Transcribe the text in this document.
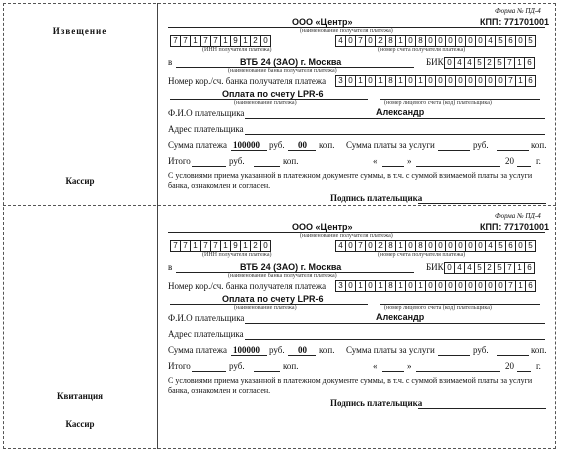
Извещение
Кассир
Квитанция
Кассир
Форма № ПД-4
ООО «Центр»	КПП: 771701001
(наименование получателя платежа)
7 7 1 7 7 1 9 1 2 0	4 0 7 0 2 8 1 0 8 0 0 0 0 0 0 4 5 6 0 5
(ИНН получателя платежа)	(номер счета получателя платежа)
в	ВТБ 24 (ЗАО) г. Москва
(наименование банка получателя платежа)
БИК 0 4 4 5 2 5 7 1 6
Номер кор./сч. банка получателя платежа	3 0 1 0 1 8 1 0 1 0 0 0 0 0 0 0 0 7 1 6
Оплата по счету LPR-6
(наименование платежа)	(номер лицевого счета (код) плательщика)
Ф.И.О плательщика	Александр
Адрес плательщика
Сумма платежа 100000 руб. 00 коп. Сумма платы за услуги	руб.	коп.
Итого	руб.	коп.	«	»	20 г.
С условиями приема указанной в платежном документе суммы, в т.ч. с суммой взимаемой платы за услуги банка, ознакомлен и согласен.
Подпись плательщика
Форма № ПД-4
ООО «Центр»	КПП: 771701001
(наименование получателя платежа)
7 7 1 7 7 1 9 1 2 0	4 0 7 0 2 8 1 0 8 0 0 0 0 0 0 4 5 6 0 5
(ИНН получателя платежа)	(номер счета получателя платежа)
в	ВТБ 24 (ЗАО) г. Москва
(наименование банка получателя платежа)
БИК 0 4 4 5 2 5 7 1 6
Номер кор./сч. банка получателя платежа	3 0 1 0 1 8 1 0 1 0 0 0 0 0 0 0 0 7 1 6
Оплата по счету LPR-6
(наименование платежа)	(номер лицевого счета (код) плательщика)
Ф.И.О плательщика	Александр
Адрес плательщика
Сумма платежа 100000 руб. 00 коп. Сумма платы за услуги	руб.	коп.
Итого	руб.	коп.	«	»	20 г.
С условиями приема указанной в платежном документе суммы, в т.ч. с суммой взимаемой платы за услуги банка, ознакомлен и согласен.
Подпись плательщика
